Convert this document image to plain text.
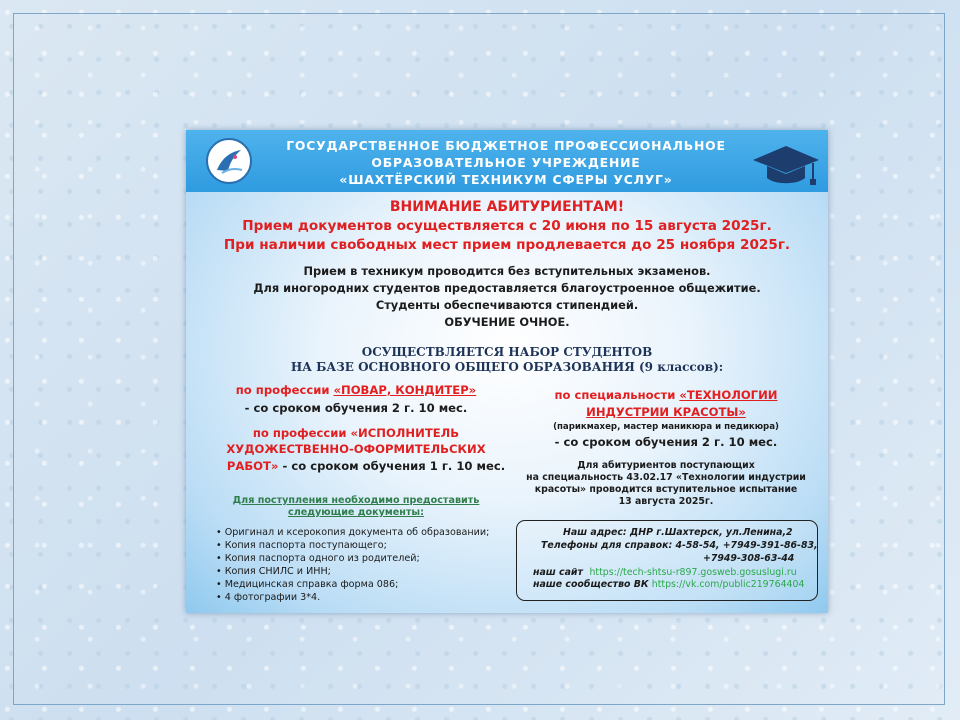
ГОСУДАРСТВЕННОЕ БЮДЖЕТНОЕ ПРОФЕССИОНАЛЬНОЕ
ОБРАЗОВАТЕЛЬНОЕ УЧРЕЖДЕНИЕ
«ШАХТЁРСКИЙ ТЕХНИКУМ СФЕРЫ УСЛУГ»
ВНИМАНИЕ АБИТУРИЕНТАМ!
Прием документов осуществляется с 20 июня по 15 августа 2025г.
При наличии свободных мест прием продлевается до 25 ноября 2025г.
Прием в техникум проводится без вступительных экзаменов.
Для иногородних студентов предоставляется благоустроенное общежитие.
Студенты обеспечиваются стипендией.
ОБУЧЕНИЕ ОЧНОЕ.
ОСУЩЕСТВЛЯЕТСЯ НАБОР СТУДЕНТОВ
НА БАЗЕ ОСНОВНОГО ОБЩЕГО ОБРАЗОВАНИЯ (9 классов):
по профессии «ПОВАР, КОНДИТЕР»
- со сроком обучения 2 г. 10 мес.
по профессии «ИСПОЛНИТЕЛЬ
ХУДОЖЕСТВЕННО-ОФОРМИТЕЛЬСКИХ
РАБОТ» - со сроком обучения 1 г. 10 мес.
по специальности «ТЕХНОЛОГИИ
ИНДУСТРИИ КРАСОТЫ»
(парикмахер, мастер маникюра и педикюра)
- со сроком обучения 2 г. 10 мес.
Для абитуриентов поступающих
на специальность 43.02.17 «Технологии индустрии
красоты» проводится вступительное испытание
13 августа 2025г.
Для поступления необходимо предоставить
следующие документы:
• Оригинал и ксерокопия документа об образовании;
• Копия паспорта поступающего;
• Копия паспорта одного из родителей;
• Копия СНИЛС и ИНН;
• Медицинская справка форма 086;
• 4 фотографии 3*4.
Наш адрес: ДНР г.Шахтерск, ул.Ленина,2
Телефоны для справок: 4-58-54, +7949-391-86-83,
+7949-308-63-44
наш сайт https://tech-shtsu-r897.gosweb.gosuslugi.ru
наше сообщество ВК https://vk.com/public219764404
